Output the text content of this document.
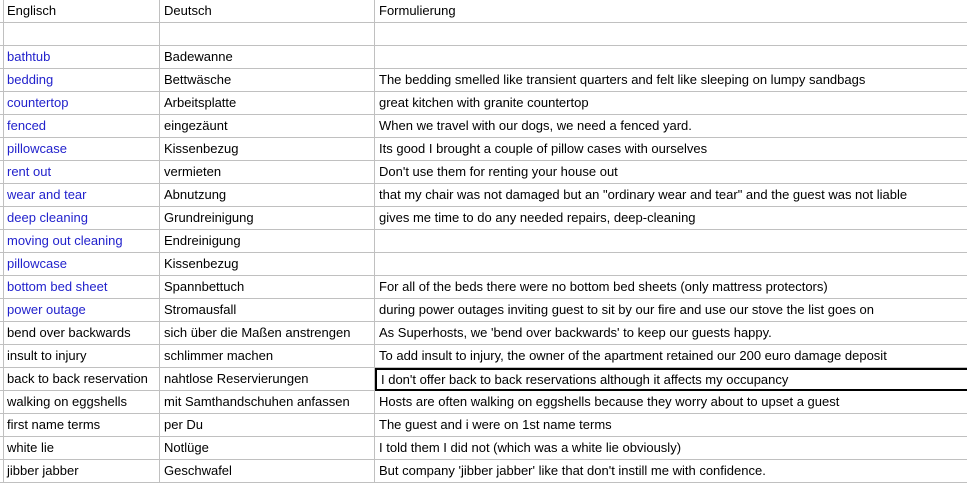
Englisch	Deutsch	Formulierung
bathtub	Badewanne
bedding	Bettwäsche	The bedding smelled like transient quarters and felt like sleeping on lumpy sandbags
countertop	Arbeitsplatte	great kitchen with granite countertop
fenced	eingezäunt	When we travel with our dogs, we need a fenced yard.
pillowcase	Kissenbezug	Its good I brought a couple of pillow cases with ourselves
rent out	vermieten	Don't use them for renting your house out
wear and tear	Abnutzung	that my chair was not damaged but an "ordinary wear and tear" and the guest was not liable
deep cleaning	Grundreinigung	gives me time to do any needed repairs, deep-cleaning
moving out cleaning	Endreinigung
pillowcase	Kissenbezug
bottom bed sheet	Spannbettuch	For all of the beds there were no bottom bed sheets (only mattress protectors)
power outage	Stromausfall	during power outages inviting guest to sit by our fire and use our stove the list goes on
bend over backwards	sich über die Maßen anstrengen	As Superhosts, we 'bend over backwards' to keep our guests happy.
insult to injury	schlimmer machen	To add insult to injury, the owner of the apartment retained our 200 euro damage deposit
back to back reservation	nahtlose Reservierungen	I don't offer back to back reservations although it affects my occupancy
walking on eggshells	mit Samthandschuhen anfassen	Hosts are often walking on eggshells because they worry about to upset a guest
first name terms	per Du	The guest and i were on 1st name terms
white lie	Notlüge	I told them I did not (which was a white lie obviously)
jibber jabber	Geschwafel	But company 'jibber jabber' like that don't instill me with confidence.
